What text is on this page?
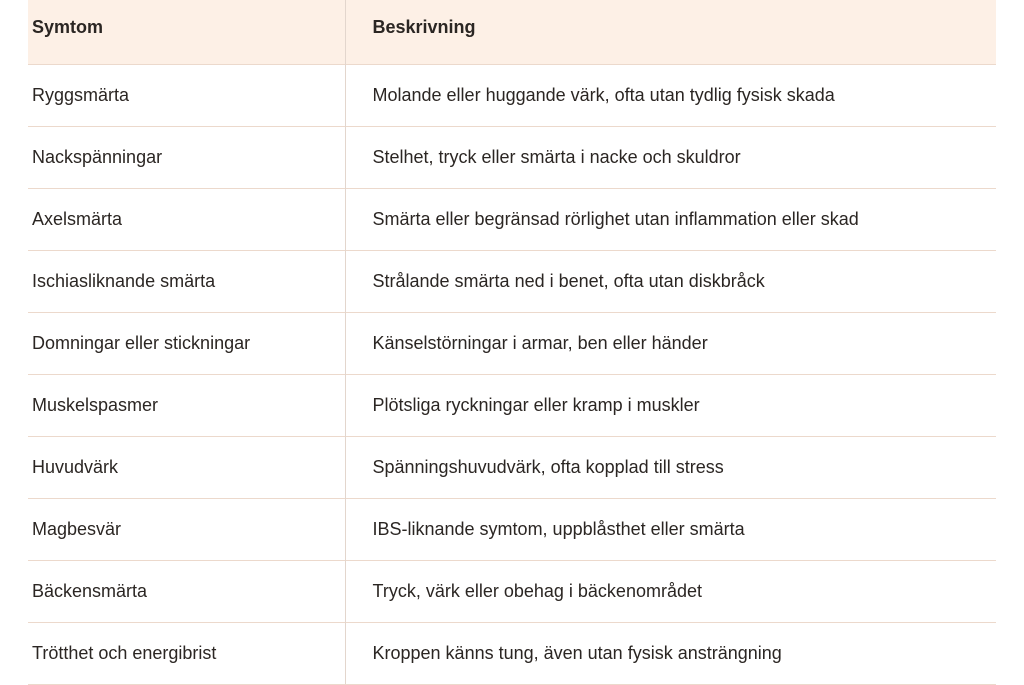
Symtom	Beskrivning
Ryggsmärta	Molande eller huggande värk, ofta utan tydlig fysisk skada
Nackspänningar	Stelhet, tryck eller smärta i nacke och skuldror
Axelsmärta	Smärta eller begränsad rörlighet utan inflammation eller skad
Ischiasliknande smärta	Strålande smärta ned i benet, ofta utan diskbråck
Domningar eller stickningar	Känselstörningar i armar, ben eller händer
Muskelspasmer	Plötsliga ryckningar eller kramp i muskler
Huvudvärk	Spänningshuvudvärk, ofta kopplad till stress
Magbesvär	IBS-liknande symtom, uppblåsthet eller smärta
Bäckensmärta	Tryck, värk eller obehag i bäckenområdet
Trötthet och energibrist	Kroppen känns tung, även utan fysisk ansträngning
